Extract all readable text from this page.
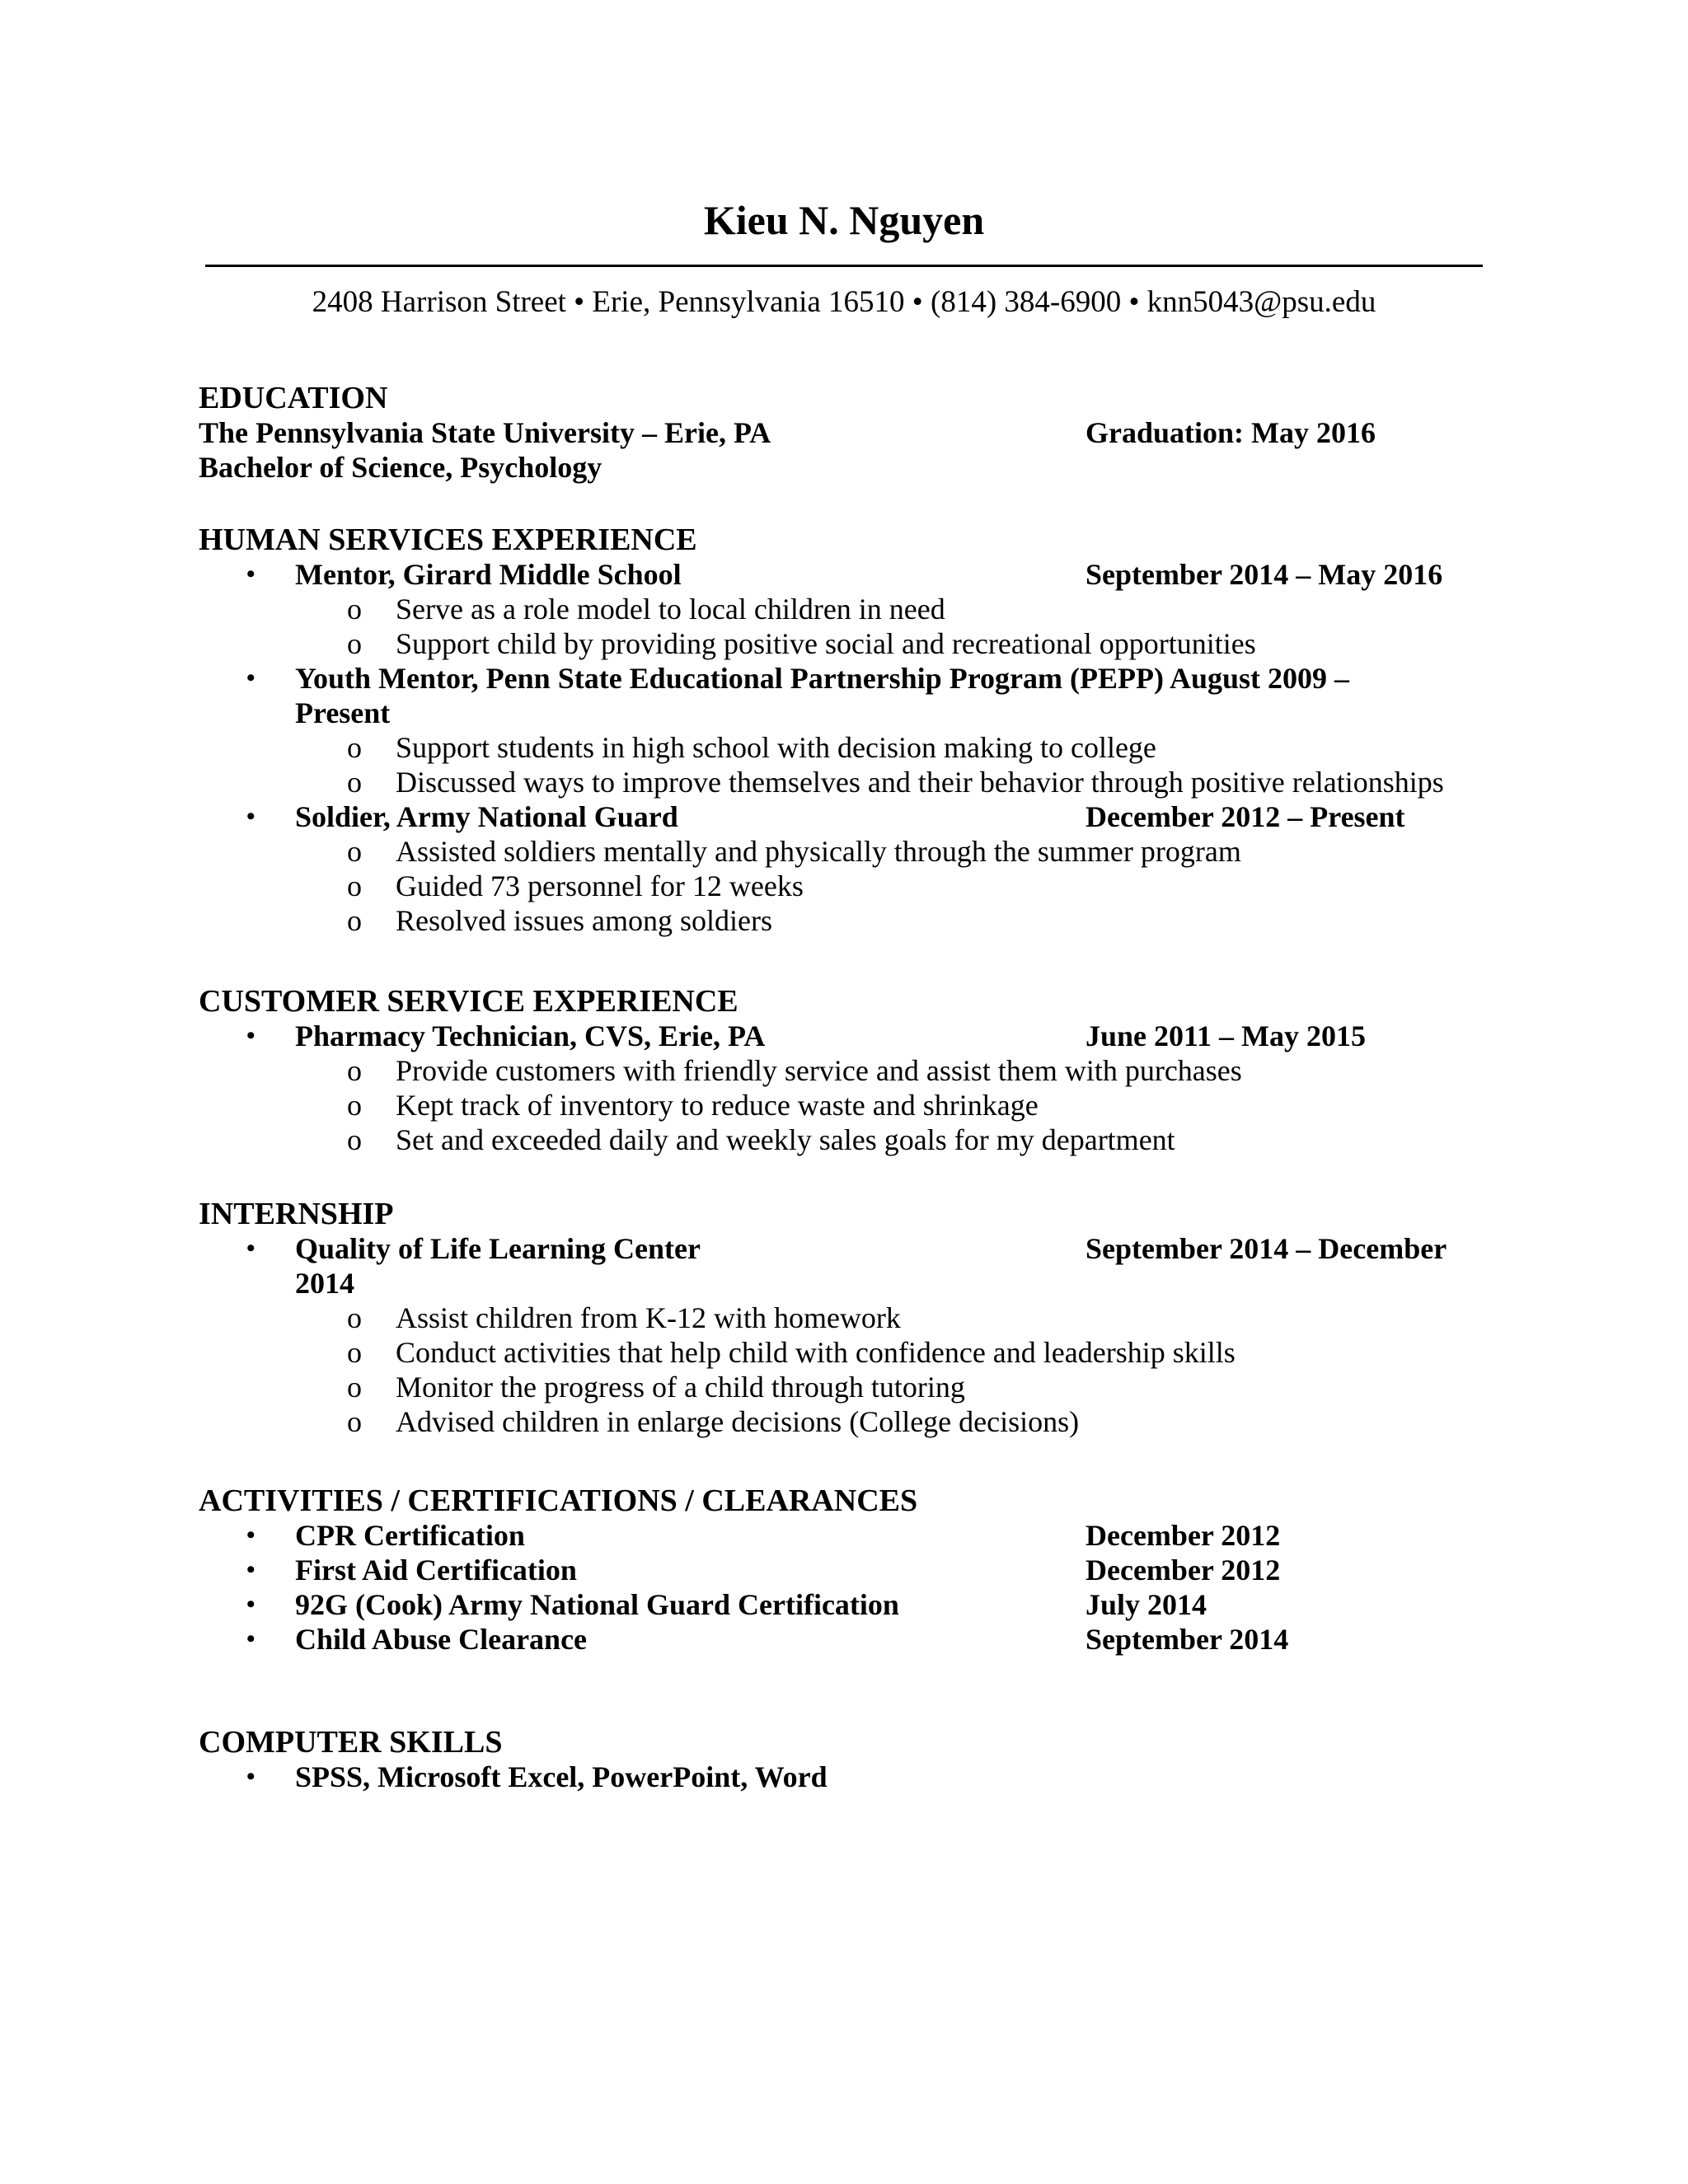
Kieu N. Nguyen
2408 Harrison Street • Erie, Pennsylvania 16510 • (814) 384-6900 • knn5043@psu.edu
EDUCATION
The Pennsylvania State University – Erie, PA	Graduation: May 2016
Bachelor of Science, Psychology
HUMAN SERVICES EXPERIENCE
• Mentor, Girard Middle School	September 2014 – May 2016
o Serve as a role model to local children in need
o Support child by providing positive social and recreational opportunities
• Youth Mentor, Penn State Educational Partnership Program (PEPP) August 2009 –
Present
o Support students in high school with decision making to college
o Discussed ways to improve themselves and their behavior through positive relationships
• Soldier, Army National Guard	December 2012 – Present
o Assisted soldiers mentally and physically through the summer program
o Guided 73 personnel for 12 weeks
o Resolved issues among soldiers
CUSTOMER SERVICE EXPERIENCE
• Pharmacy Technician, CVS, Erie, PA	June 2011 – May 2015
o Provide customers with friendly service and assist them with purchases
o Kept track of inventory to reduce waste and shrinkage
o Set and exceeded daily and weekly sales goals for my department
INTERNSHIP
• Quality of Life Learning Center	September 2014 – December
2014
o Assist children from K-12 with homework
o Conduct activities that help child with confidence and leadership skills
o Monitor the progress of a child through tutoring
o Advised children in enlarge decisions (College decisions)
ACTIVITIES / CERTIFICATIONS / CLEARANCES
• CPR Certification	December 2012
• First Aid Certification	December 2012
• 92G (Cook) Army National Guard Certification	July 2014
• Child Abuse Clearance	September 2014
COMPUTER SKILLS
• SPSS, Microsoft Excel, PowerPoint, Word
